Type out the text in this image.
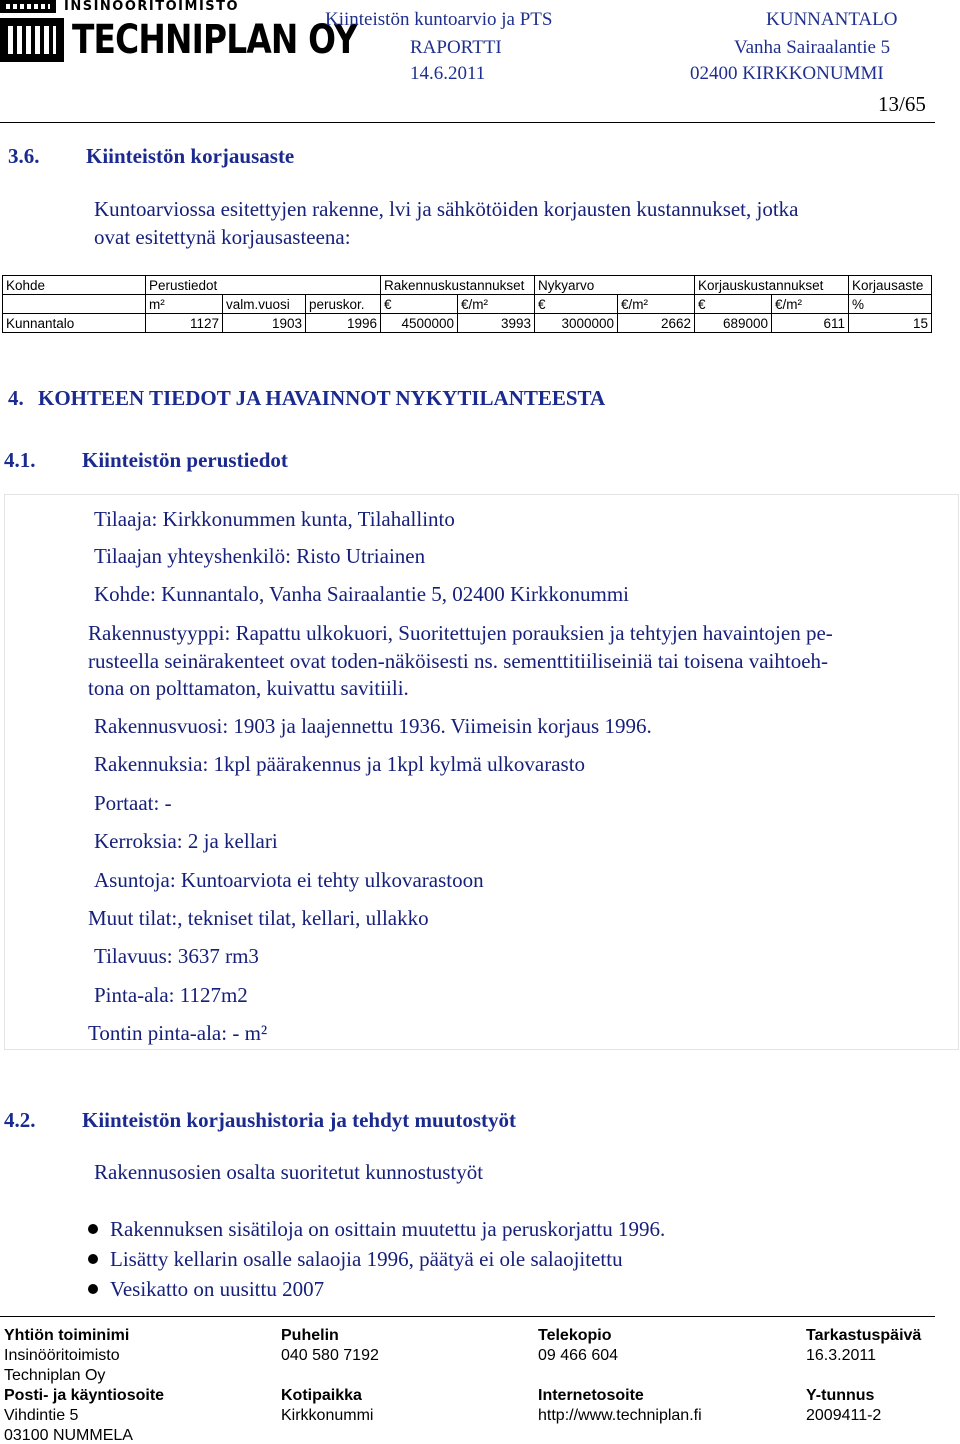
INSINÖÖRITOIMISTO
TECHNIPLAN OY
Kiinteistön kuntoarvio ja PTS
RAPORTTI
14.6.2011
KUNNANTALO
Vanha Sairaalantie 5
02400 KIRKKONUMMI
13/65
3.6. Kiinteistön korjausaste
Kuntoarviossa esitettyjen rakenne, lvi ja sähkötöiden korjausten kustannukset, jotka
ovat esitettynä korjausasteena:
Kohde	Perustiedot			Rakennuskustannukset		Nykyarvo		Korjauskustannukset		Korjausaste
	m²	valm.vuosi	peruskor.	€	€/m²	€	€/m²	€	€/m²	%
Kunnantalo	1127	1903	1996	4500000	3993	3000000	2662	689000	611	15
4. KOHTEEN TIEDOT JA HAVAINNOT NYKYTILANTEESTA
4.1. Kiinteistön perustiedot
Tilaaja: Kirkkonummen kunta, Tilahallinto
Tilaajan yhteyshenkilö: Risto Utriainen
Kohde: Kunnantalo, Vanha Sairaalantie 5, 02400 Kirkkonummi
Rakennustyyppi: Rapattu ulkokuori, Suoritettujen porauksien ja tehtyjen havaintojen pe-
rusteella seinärakenteet ovat toden-näköisesti ns. sementtitiiliseiniä tai toisena vaihtoeh-
tona on polttamaton, kuivattu savitiili.
Rakennusvuosi: 1903 ja laajennettu 1936. Viimeisin korjaus 1996.
Rakennuksia: 1kpl päärakennus ja 1kpl kylmä ulkovarasto
Portaat: -
Kerroksia: 2 ja kellari
Asuntoja: Kuntoarviota ei tehty ulkovarastoon
Muut tilat:, tekniset tilat, kellari, ullakko
Tilavuus: 3637 rm3
Pinta-ala: 1127m2
Tontin pinta-ala: - m²
4.2. Kiinteistön korjaushistoria ja tehdyt muutostyöt
Rakennusosien osalta suoritetut kunnostustyöt
Rakennuksen sisätiloja on osittain muutettu ja peruskorjattu 1996.
Lisätty kellarin osalle salaojia 1996, päätyä ei ole salaojitettu
Vesikatto on uusittu 2007
Yhtiön toiminimi
Insinööritoimisto
Techniplan Oy
Posti- ja käyntiosoite
Vihdintie 5
03100 NUMMELA
Puhelin
040 580 7192
Kotipaikka
Kirkkonummi
Telekopio
09 466 604
Internetosoite
http://www.techniplan.fi
Tarkastuspäivä
16.3.2011
Y-tunnus
2009411-2
